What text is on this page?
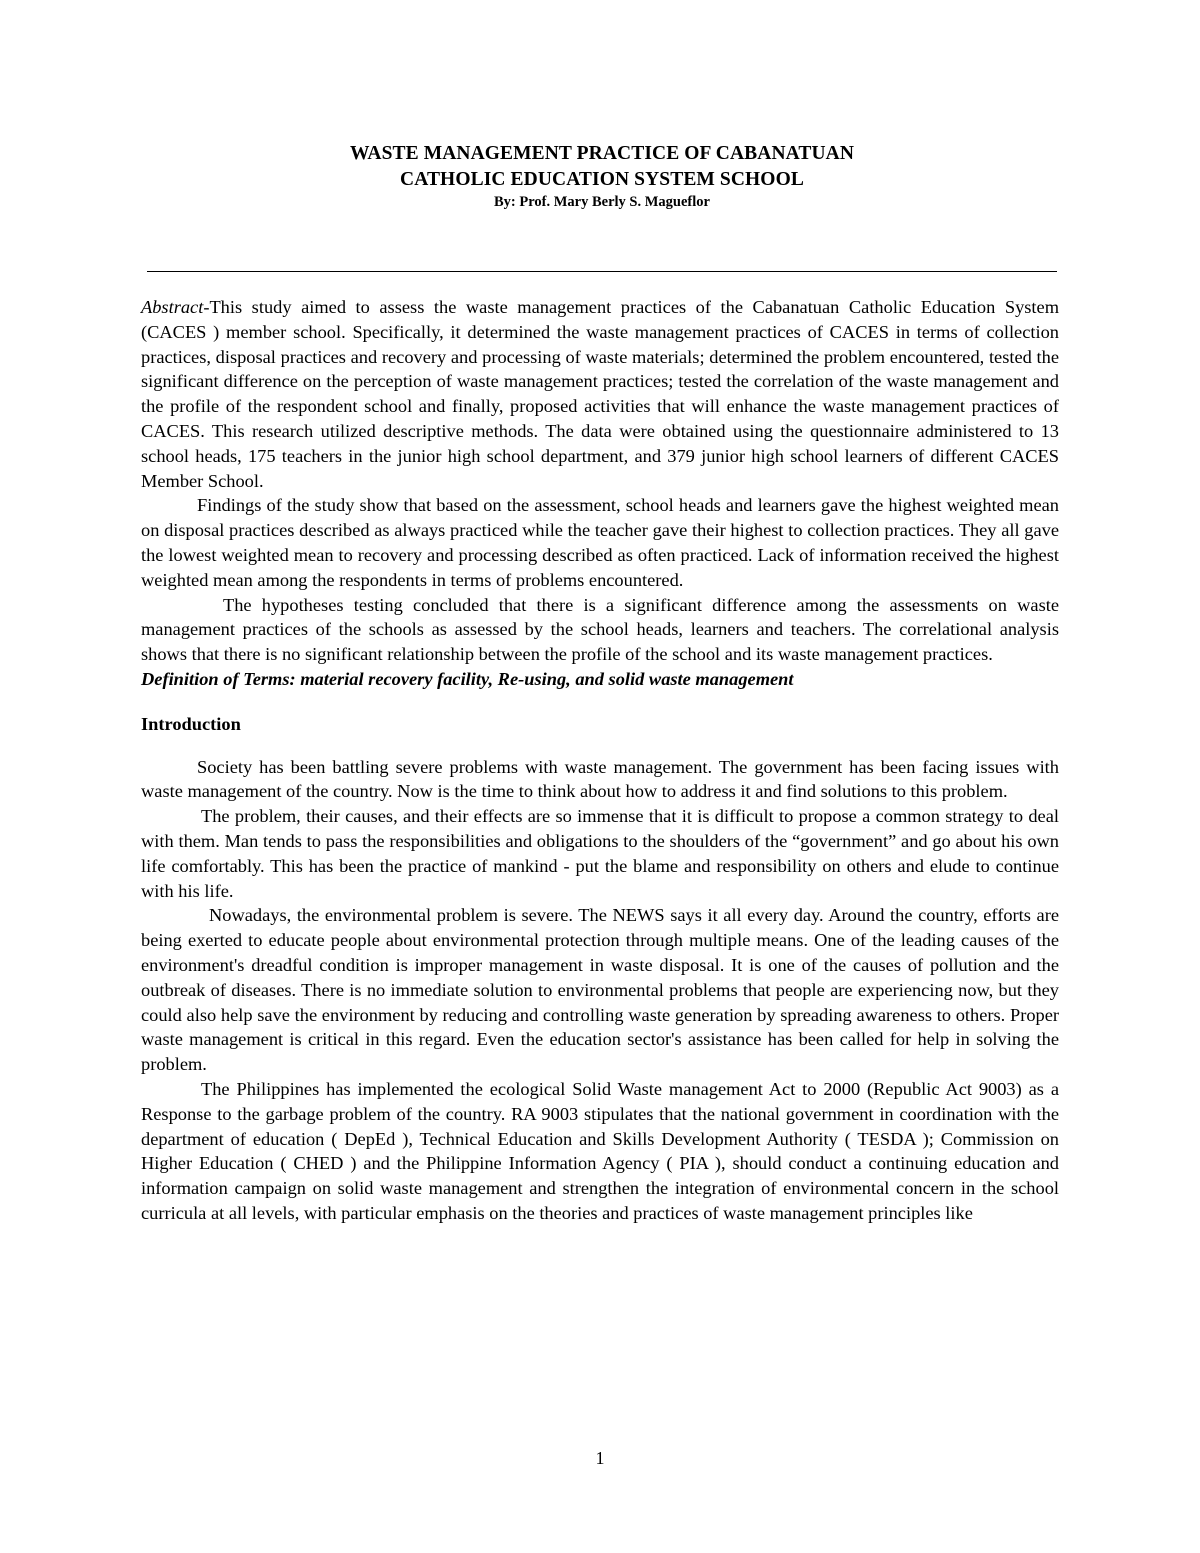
WASTE MANAGEMENT PRACTICE OF CABANATUAN
CATHOLIC EDUCATION SYSTEM SCHOOL
By: Prof. Mary Berly S. Magueflor

Abstract-This study aimed to assess the waste management practices of the Cabanatuan Catholic Education System (CACES ) member school. Specifically, it determined the waste management practices of CACES in terms of collection practices, disposal practices and recovery and processing of waste materials; determined the problem encountered, tested the significant difference on the perception of waste management practices; tested the correlation of the waste management and the profile of the respondent school and finally, proposed activities that will enhance the waste management practices of CACES. This research utilized descriptive methods. The data were obtained using the questionnaire administered to 13 school heads, 175 teachers in the junior high school department, and 379 junior high school learners of different CACES Member School.

Findings of the study show that based on the assessment, school heads and learners gave the highest weighted mean on disposal practices described as always practiced while the teacher gave their highest to collection practices. They all gave the lowest weighted mean to recovery and processing described as often practiced. Lack of information received the highest weighted mean among the respondents in terms of problems encountered.

The hypotheses testing concluded that there is a significant difference among the assessments on waste management practices of the schools as assessed by the school heads, learners and teachers. The correlational analysis shows that there is no significant relationship between the profile of the school and its waste management practices.

Definition of Terms: material recovery facility, Re-using, and solid waste management

Introduction

Society has been battling severe problems with waste management. The government has been facing issues with waste management of the country. Now is the time to think about how to address it and find solutions to this problem.

The problem, their causes, and their effects are so immense that it is difficult to propose a common strategy to deal with them. Man tends to pass the responsibilities and obligations to the shoulders of the “government” and go about his own life comfortably. This has been the practice of mankind - put the blame and responsibility on others and elude to continue with his life.

Nowadays, the environmental problem is severe. The NEWS says it all every day. Around the country, efforts are being exerted to educate people about environmental protection through multiple means. One of the leading causes of the environment's dreadful condition is improper management in waste disposal. It is one of the causes of pollution and the outbreak of diseases. There is no immediate solution to environmental problems that people are experiencing now, but they could also help save the environment by reducing and controlling waste generation by spreading awareness to others. Proper waste management is critical in this regard. Even the education sector's assistance has been called for help in solving the problem.

The Philippines has implemented the ecological Solid Waste management Act to 2000 (Republic Act 9003) as a Response to the garbage problem of the country. RA 9003 stipulates that the national government in coordination with the department of education ( DepEd ), Technical Education and Skills Development Authority ( TESDA ); Commission on Higher Education ( CHED ) and the Philippine Information Agency ( PIA ), should conduct a continuing education and information campaign on solid waste management and strengthen the integration of environmental concern in the school curricula at all levels, with particular emphasis on the theories and practices of waste management principles like

1
